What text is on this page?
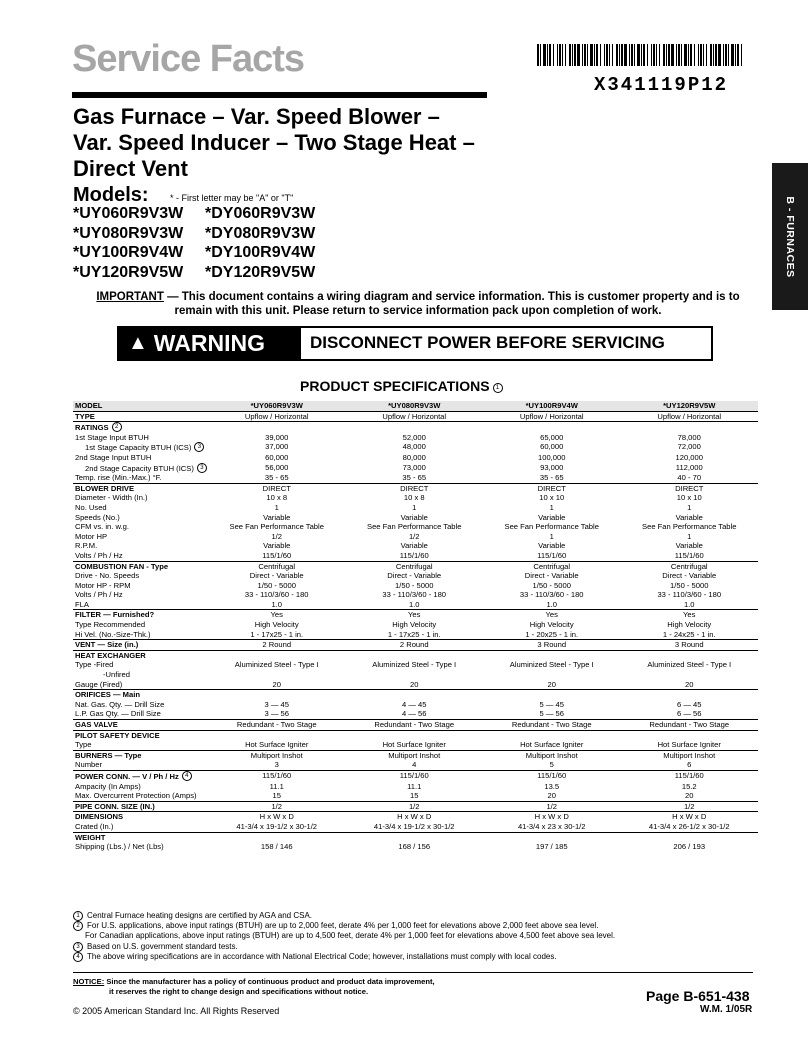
Service Facts
X341119P12
Gas Furnace – Var. Speed Blower –
Var. Speed Inducer – Two Stage Heat –
Direct Vent
Models: * - First letter may be "A" or "T"
*UY060R9V3W *DY060R9V3W
*UY080R9V3W *DY080R9V3W
*UY100R9V4W *DY100R9V4W
*UY120R9V5W *DY120R9V5W	B - FURNACES
IMPORTANT — This document contains a wiring diagram and service information. This is customer property and is to remain with this unit. Please return to service information pack upon completion of work.
▲ WARNING	DISCONNECT POWER BEFORE SERVICING
PRODUCT SPECIFICATIONS 1
MODEL	*UY060R9V3W	*UY080R9V3W	*UY100R9V4W	*UY120R9V5W
TYPE	Upflow / Horizontal	Upflow / Horizontal	Upflow / Horizontal	Upflow / Horizontal
RATINGS 2				
1st Stage Input BTUH	39,000	52,000	65,000	78,000
1st Stage Capacity BTUH (ICS) 3	37,000	48,000	60,000	72,000
2nd Stage Input BTUH	60,000	80,000	100,000	120,000
2nd Stage Capacity BTUH (ICS) 3	56,000	73,000	93,000	112,000
Temp. rise (Min.-Max.) °F.	35 - 65	35 - 65	35 - 65	40 - 70
BLOWER DRIVE	DIRECT	DIRECT	DIRECT	DIRECT
Diameter - Width (In.)	10 x 8	10 x 8	10 x 10	10 x 10
No. Used	1	1	1	1
Speeds (No.)	Variable	Variable	Variable	Variable
CFM vs. in. w.g.	See Fan Performance Table	See Fan Performance Table	See Fan Performance Table	See Fan Performance Table
Motor HP	1/2	1/2	1	1
R.P.M.	Variable	Variable	Variable	Variable
Volts / Ph / Hz	115/1/60	115/1/60	115/1/60	115/1/60
COMBUSTION FAN - Type	Centrifugal	Centrifugal	Centrifugal	Centrifugal
Drive - No. Speeds	Direct - Variable	Direct - Variable	Direct - Variable	Direct - Variable
Motor HP - RPM	1/50 - 5000	1/50 - 5000	1/50 - 5000	1/50 - 5000
Volts / Ph / Hz	33 - 110/3/60 - 180	33 - 110/3/60 - 180	33 - 110/3/60 - 180	33 - 110/3/60 - 180
FLA	1.0	1.0	1.0	1.0
FILTER — Furnished?	Yes	Yes	Yes	Yes
Type Recommended	High Velocity	High Velocity	High Velocity	High Velocity
Hi Vel. (No.-Size-Thk.)	1 - 17x25 - 1 in.	1 - 17x25 - 1 in.	1 - 20x25 - 1 in.	1 - 24x25 - 1 in.
VENT — Size (in.)	2 Round	2 Round	3 Round	3 Round
HEAT EXCHANGER				
Type -Fired	Aluminized Steel - Type I	Aluminized Steel - Type I	Aluminized Steel - Type I	Aluminized Steel - Type I
-Unfired				
Gauge (Fired)	20	20	20	20
ORIFICES — Main				
Nat. Gas. Qty. — Drill Size	3 — 45	4 — 45	5 — 45	6 — 45
L.P. Gas Qty. — Drill Size	3 — 56	4 — 56	5 — 56	6 — 56
GAS VALVE	Redundant - Two Stage	Redundant - Two Stage	Redundant - Two Stage	Redundant - Two Stage
PILOT SAFETY DEVICE				
Type	Hot Surface Igniter	Hot Surface Igniter	Hot Surface Igniter	Hot Surface Igniter
BURNERS — Type	Multiport Inshot	Multiport Inshot	Multiport Inshot	Multiport Inshot
Number	3	4	5	6
POWER CONN. — V / Ph / Hz 4	115/1/60	115/1/60	115/1/60	115/1/60
Ampacity (In Amps)	11.1	11.1	13.5	15.2
Max. Overcurrent Protection (Amps)	15	15	20	20
PIPE CONN. SIZE (IN.)	1/2	1/2	1/2	1/2
DIMENSIONS	H x W x D	H x W x D	H x W x D	H x W x D
Crated (In.)	41-3/4 x 19-1/2 x 30-1/2	41-3/4 x 19-1/2 x 30-1/2	41-3/4 x 23 x 30-1/2	41-3/4 x 26-1/2 x 30-1/2
WEIGHT				
Shipping (Lbs.) / Net (Lbs)	158 / 146	168 / 156	197 / 185	206 / 193
1 Central Furnace heating designs are certified by AGA and CSA.
2 For U.S. applications, above input ratings (BTUH) are up to 2,000 feet, derate 4% per 1,000 feet for elevations above 2,000 feet above sea level.
For Canadian applications, above input ratings (BTUH) are up to 4,500 feet, derate 4% per 1,000 feet for elevations above 4,500 feet above sea level.
3 Based on U.S. government standard tests.
4 The above wiring specifications are in accordance with National Electrical Code; however, installations must comply with local codes.
NOTICE: Since the manufacturer has a policy of continuous product and product data improvement,
it reserves the right to change design and specifications without notice.
© 2005 American Standard Inc. All Rights Reserved
Page B-651-438
W.M. 1/05R
